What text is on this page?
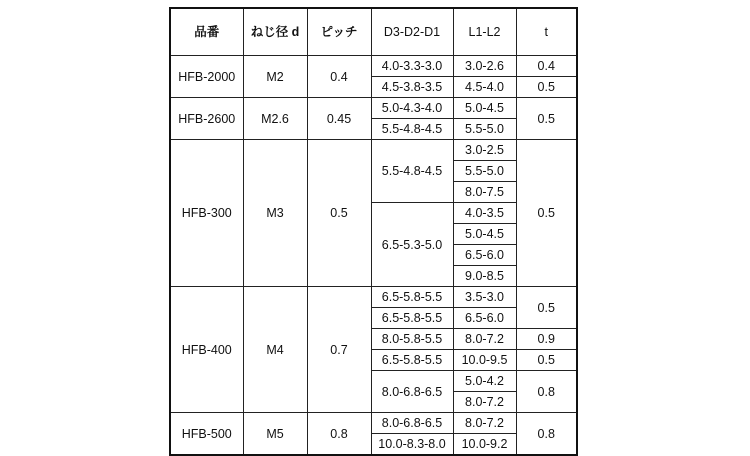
品番	ねじ径 d	ピッチ	D3-D2-D1	L1-L2	t
HFB-2000	M2	0.4	4.0-3.3-3.0	3.0-2.6	0.4
			4.5-3.8-3.5	4.5-4.0	0.5
HFB-2600	M2.6	0.45	5.0-4.3-4.0	5.0-4.5	0.5
			5.5-4.8-4.5	5.5-5.0	
HFB-300	M3	0.5	5.5-4.8-4.5	3.0-2.5	0.5
				5.5-5.0	
				8.0-7.5	
			6.5-5.3-5.0	4.0-3.5	
				5.0-4.5	
				6.5-6.0	
				9.0-8.5	
HFB-400	M4	0.7	6.5-5.8-5.5	3.5-3.0	0.5
			6.5-5.8-5.5	6.5-6.0	
			8.0-5.8-5.5	8.0-7.2	0.9
			6.5-5.8-5.5	10.0-9.5	0.5
			8.0-6.8-6.5	5.0-4.2	0.8
				8.0-7.2	
HFB-500	M5	0.8	8.0-6.8-6.5	8.0-7.2	0.8
			10.0-8.3-8.0	10.0-9.2	
